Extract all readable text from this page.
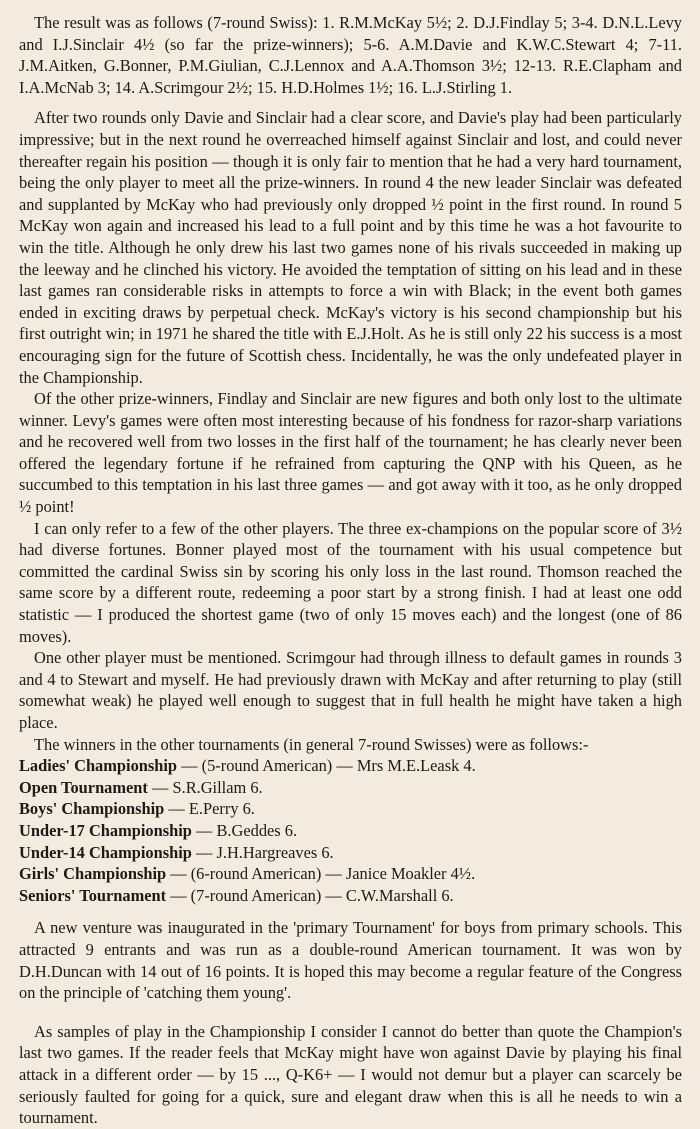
The result was as follows (7-round Swiss): 1. R.M.McKay 5½; 2. D.J.Findlay 5; 3-4. D.N.L.Levy and I.J.Sinclair 4½ (so far the prize-winners); 5-6. A.M.Davie and K.W.C.Stewart 4; 7-11. J.M.Aitken, G.Bonner, P.M.Giulian, C.J.Lennox and A.A.Thomson 3½; 12-13. R.E.Clapham and I.A.McNab 3; 14. A.Scrimgour 2½; 15. H.D.Holmes 1½; 16. L.J.Stirling 1.

After two rounds only Davie and Sinclair had a clear score, and Davie's play had been particularly impressive; but in the next round he overreached himself against Sinclair and lost, and could never thereafter regain his position — though it is only fair to mention that he had a very hard tournament, being the only player to meet all the prize-winners. In round 4 the new leader Sinclair was defeated and supplanted by McKay who had previously only dropped ½ point in the first round. In round 5 McKay won again and increased his lead to a full point and by this time he was a hot favourite to win the title. Although he only drew his last two games none of his rivals succeeded in making up the leeway and he clinched his victory. He avoided the temptation of sitting on his lead and in these last games ran considerable risks in attempts to force a win with Black; in the event both games ended in exciting draws by perpetual check. McKay's victory is his second championship but his first outright win; in 1971 he shared the title with E.J.Holt. As he is still only 22 his success is a most encouraging sign for the future of Scottish chess. Incidentally, he was the only undefeated player in the Championship.

Of the other prize-winners, Findlay and Sinclair are new figures and both only lost to the ultimate winner. Levy's games were often most interesting because of his fondness for razor-sharp variations and he recovered well from two losses in the first half of the tournament; he has clearly never been offered the legendary fortune if he refrained from capturing the QNP with his Queen, as he succumbed to this temptation in his last three games — and got away with it too, as he only dropped ½ point!

I can only refer to a few of the other players. The three ex-champions on the popular score of 3½ had diverse fortunes. Bonner played most of the tournament with his usual competence but committed the cardinal Swiss sin by scoring his only loss in the last round. Thomson reached the same score by a different route, redeeming a poor start by a strong finish. I had at least one odd statistic — I produced the shortest game (two of only 15 moves each) and the longest (one of 86 moves).

One other player must be mentioned. Scrimgour had through illness to default games in rounds 3 and 4 to Stewart and myself. He had previously drawn with McKay and after returning to play (still somewhat weak) he played well enough to suggest that in full health he might have taken a high place.

The winners in the other tournaments (in general 7-round Swisses) were as follows:-
Ladies' Championship — (5-round American) — Mrs M.E.Leask 4.
Open Tournament — S.R.Gillam 6.
Boys' Championship — E.Perry 6.
Under-17 Championship — B.Geddes 6.
Under-14 Championship — J.H.Hargreaves 6.
Girls' Championship — (6-round American) — Janice Moakler 4½.
Seniors' Tournament — (7-round American) — C.W.Marshall 6.

A new venture was inaugurated in the 'primary Tournament' for boys from primary schools. This attracted 9 entrants and was run as a double-round American tournament. It was won by D.H.Duncan with 14 out of 16 points. It is hoped this may become a regular feature of the Congress on the principle of 'catching them young'.

As samples of play in the Championship I consider I cannot do better than quote the Champion's last two games. If the reader feels that McKay might have won against Davie by playing his final attack in a different order — by 15 ..., Q-K6+ — I would not demur but a player can scarcely be seriously faulted for going for a quick, sure and elegant draw when this is all he needs to win a tournament.
